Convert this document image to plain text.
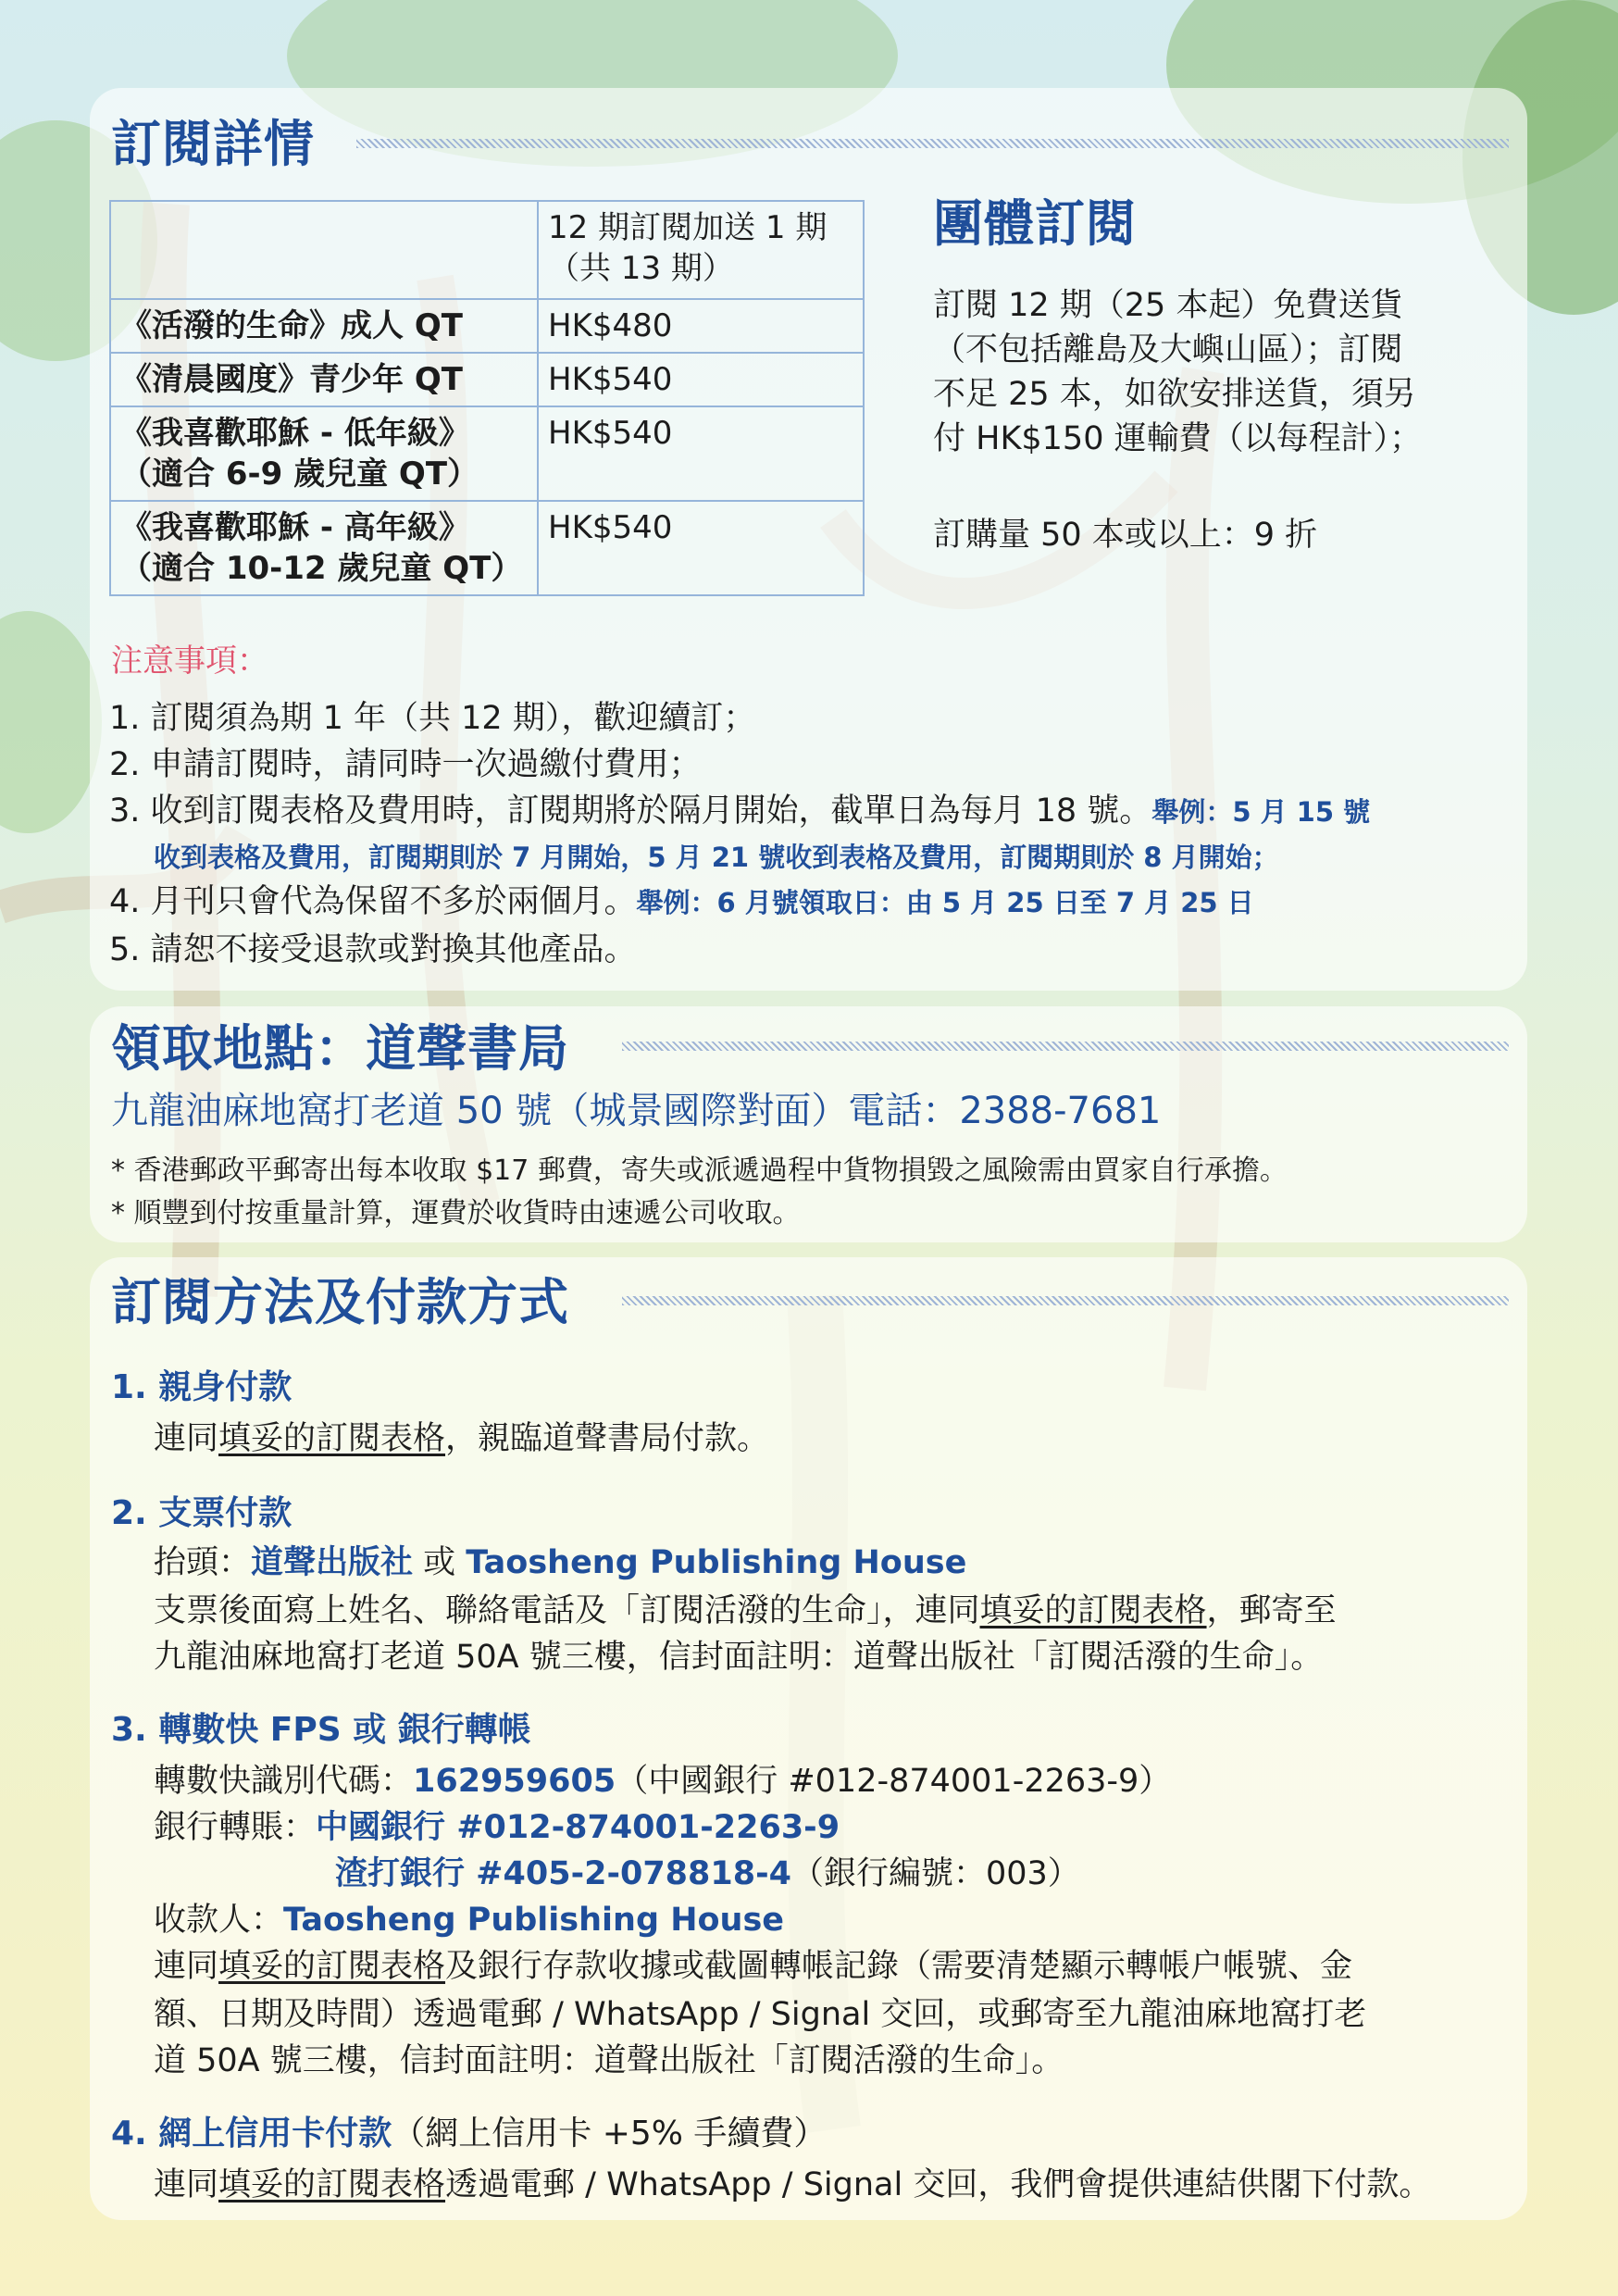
訂閱詳情
	12 期訂閱加送 1 期
（共 13 期）
《活潑的生命》成人 QT	HK$480
《清晨國度》青少年 QT	HK$540
《我喜歡耶穌 - 低年級》
（適合 6-9 歲兒童 QT）	HK$540
《我喜歡耶穌 - 高年級》
（適合 10-12 歲兒童 QT）	HK$540
團體訂閱
訂閱 12 期（25 本起）免費送貨
（不包括離島及大嶼山區）；訂閱
不足 25 本，如欲安排送貨，須另
付 HK$150 運輸費（以每程計）；
訂購量 50 本或以上：9 折
注意事項：
1. 訂閱須為期 1 年（共 12 期），歡迎續訂；
2. 申請訂閱時，請同時一次過繳付費用；
3. 收到訂閱表格及費用時，訂閱期將於隔月開始，截單日為每月 18 號。舉例：5 月 15 號
收到表格及費用，訂閱期則於 7 月開始，5 月 21 號收到表格及費用，訂閱期則於 8 月開始；
4. 月刊只會代為保留不多於兩個月。舉例：6 月號領取日：由 5 月 25 日至 7 月 25 日
5. 請恕不接受退款或對換其他產品。
領取地點：道聲書局
九龍油麻地窩打老道 50 號（城景國際對面）電話：2388-7681
* 香港郵政平郵寄出每本收取 $17 郵費，寄失或派遞過程中貨物損毀之風險需由買家自行承擔。
* 順豐到付按重量計算，運費於收貨時由速遞公司收取。
訂閱方法及付款方式
1. 親身付款
連同填妥的訂閱表格，親臨道聲書局付款。
2. 支票付款
抬頭：道聲出版社 或 Taosheng Publishing House
支票後面寫上姓名、聯絡電話及「訂閱活潑的生命」，連同填妥的訂閱表格，郵寄至
九龍油麻地窩打老道 50A 號三樓，信封面註明：道聲出版社「訂閱活潑的生命」。
3. 轉數快 FPS 或 銀行轉帳
轉數快識別代碼：162959605（中國銀行 #012-874001-2263-9）
銀行轉賬：中國銀行 #012-874001-2263-9
渣打銀行 #405-2-078818-4（銀行編號：003）
收款人：Taosheng Publishing House
連同填妥的訂閱表格及銀行存款收據或截圖轉帳記錄（需要清楚顯示轉帳户帳號、金
額、日期及時間）透過電郵 / WhatsApp / Signal 交回，或郵寄至九龍油麻地窩打老
道 50A 號三樓，信封面註明：道聲出版社「訂閱活潑的生命」。
4. 網上信用卡付款（網上信用卡 +5% 手續費）
連同填妥的訂閱表格透過電郵 / WhatsApp / Signal 交回，我們會提供連結供閣下付款。
